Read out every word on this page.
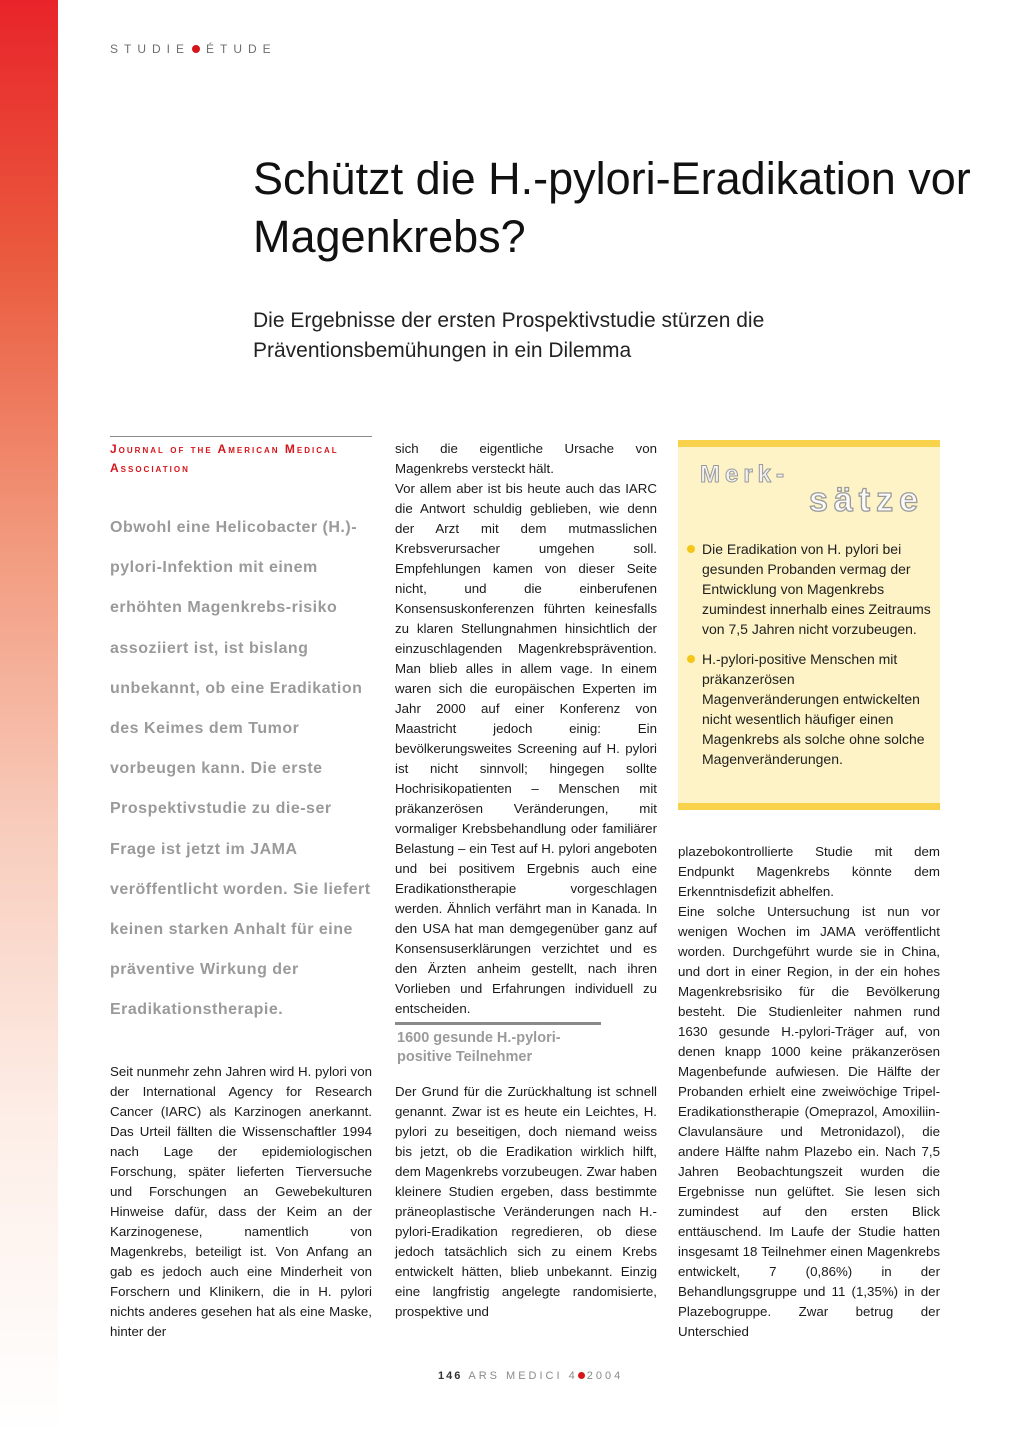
STUDIE ÉTUDE
Schützt die H.-pylori-Eradikation vor Magenkrebs?
Die Ergebnisse der ersten Prospektivstudie stürzen die Präventionsbemühungen in ein Dilemma
Journal of the American Medical Association
Obwohl eine Helicobacter (H.)-pylori-Infektion mit einem erhöhten Magenkrebs-risiko assoziiert ist, ist bislang unbekannt, ob eine Eradikation des Keimes dem Tumor vorbeugen kann. Die erste Prospektivstudie zu die-ser Frage ist jetzt im JAMA veröffentlicht worden. Sie liefert keinen starken Anhalt für eine präventive Wirkung der Eradikationstherapie.
Seit nunmehr zehn Jahren wird H. pylori von der International Agency for Research Cancer (IARC) als Karzinogen anerkannt. Das Urteil fällten die Wissenschaftler 1994 nach Lage der epidemiologischen Forschung, später lieferten Tierversuche und Forschungen an Gewebekulturen Hinweise dafür, dass der Keim an der Karzinogenese, namentlich von Magenkrebs, beteiligt ist. Von Anfang an gab es jedoch auch eine Minderheit von Forschern und Klinikern, die in H. pylori nichts anderes gesehen hat als eine Maske, hinter der
sich die eigentliche Ursache von Magenkrebs versteckt hält.
Vor allem aber ist bis heute auch das IARC die Antwort schuldig geblieben, wie denn der Arzt mit dem mutmasslichen Krebsverursacher umgehen soll. Empfehlungen kamen von dieser Seite nicht, und die einberufenen Konsensuskonferenzen führten keinesfalls zu klaren Stellungnahmen hinsichtlich der einzuschlagenden Magenkrebsprävention. Man blieb alles in allem vage. In einem waren sich die europäischen Experten im Jahr 2000 auf einer Konferenz von Maastricht jedoch einig: Ein bevölkerungsweites Screening auf H. pylori ist nicht sinnvoll; hingegen sollte Hochrisikopatienten – Menschen mit präkanzerösen Veränderungen, mit vormaliger Krebsbehandlung oder familiärer Belastung – ein Test auf H. pylori angeboten und bei positivem Ergebnis auch eine Eradikationstherapie vorgeschlagen werden. Ähnlich verfährt man in Kanada. In den USA hat man demgegenüber ganz auf Konsensuserklärungen verzichtet und es den Ärzten anheim gestellt, nach ihren Vorlieben und Erfahrungen individuell zu entscheiden.
1600 gesunde H.-pylori-positive Teilnehmer
Der Grund für die Zurückhaltung ist schnell genannt. Zwar ist es heute ein Leichtes, H. pylori zu beseitigen, doch niemand weiss bis jetzt, ob die Eradikation wirklich hilft, dem Magenkrebs vorzubeugen. Zwar haben kleinere Studien ergeben, dass bestimmte präneoplastische Veränderungen nach H.-pylori-Eradikation regredieren, ob diese jedoch tatsächlich sich zu einem Krebs entwickelt hätten, blieb unbekannt. Einzig eine langfristig angelegte randomisierte, prospektive und
Merk-
sätze
Die Eradikation von H. pylori bei gesunden Probanden vermag der Entwicklung von Magenkrebs zumindest innerhalb eines Zeitraums von 7,5 Jahren nicht vorzubeugen.
H.-pylori-positive Menschen mit präkanzerösen Magenveränderungen entwickelten nicht wesentlich häufiger einen Magenkrebs als solche ohne solche Magenveränderungen.
plazebokontrollierte Studie mit dem Endpunkt Magenkrebs könnte dem Erkenntnisdefizit abhelfen.
Eine solche Untersuchung ist nun vor wenigen Wochen im JAMA veröffentlicht worden. Durchgeführt wurde sie in China, und dort in einer Region, in der ein hohes Magenkrebsrisiko für die Bevölkerung besteht. Die Studienleiter nahmen rund 1630 gesunde H.-pylori-Träger auf, von denen knapp 1000 keine präkanzerösen Magenbefunde aufwiesen. Die Hälfte der Probanden erhielt eine zweiwöchige Tripel-Eradikationstherapie (Omeprazol, Amoxiliin-Clavulansäure und Metronidazol), die andere Hälfte nahm Plazebo ein. Nach 7,5 Jahren Beobachtungszeit wurden die Ergebnisse nun gelüftet. Sie lesen sich zumindest auf den ersten Blick enttäuschend. Im Laufe der Studie hatten insgesamt 18 Teilnehmer einen Magenkrebs entwickelt, 7 (0,86%) in der Behandlungsgruppe und 11 (1,35%) in der Plazebogruppe. Zwar betrug der Unterschied
146 ARS MEDICI 4 2004
